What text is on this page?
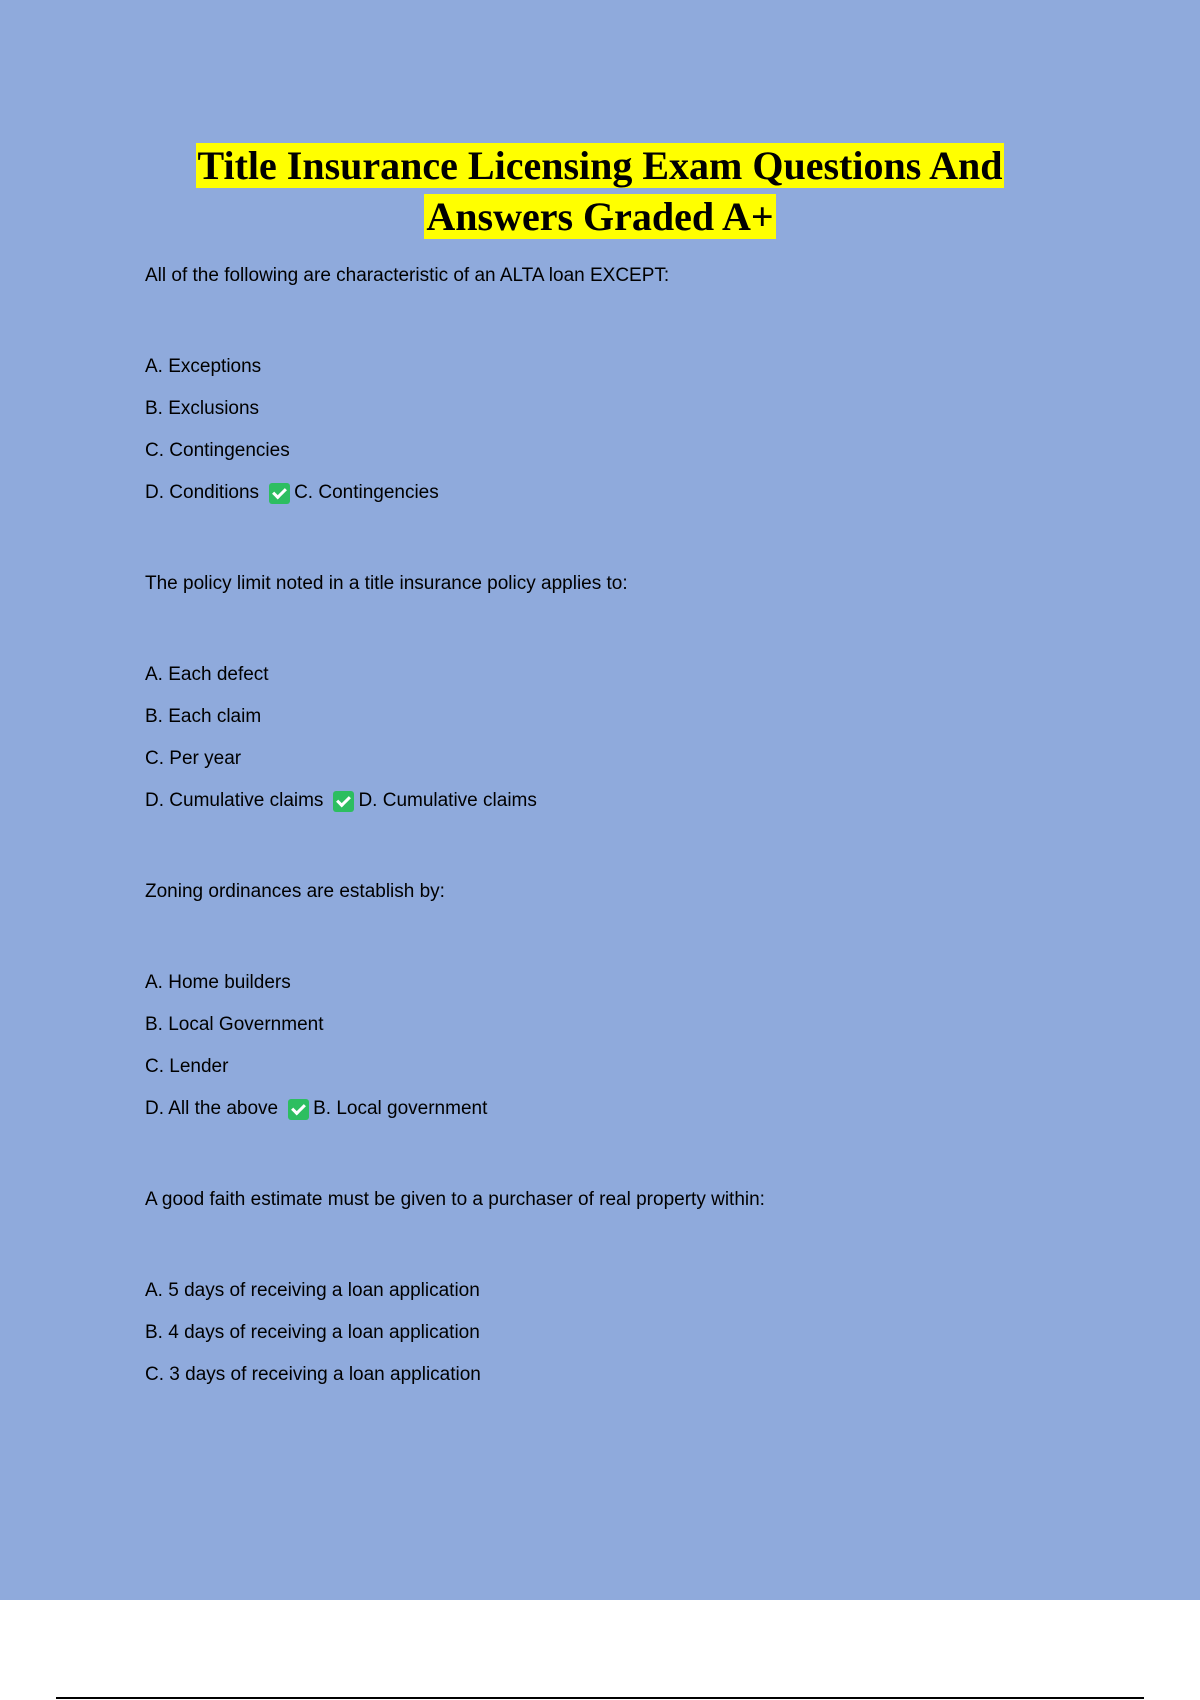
Title Insurance Licensing Exam Questions And
Answers Graded A+

All of the following are characteristic of an ALTA loan EXCEPT:

A. Exceptions

B. Exclusions

C. Contingencies

D. Conditions C. Contingencies

The policy limit noted in a title insurance policy applies to:

A. Each defect

B. Each claim

C. Per year

D. Cumulative claims D. Cumulative claims

Zoning ordinances are establish by:

A. Home builders

B. Local Government

C. Lender

D. All the above B. Local government

A good faith estimate must be given to a purchaser of real property within:

A. 5 days of receiving a loan application

B. 4 days of receiving a loan application

C. 3 days of receiving a loan application
